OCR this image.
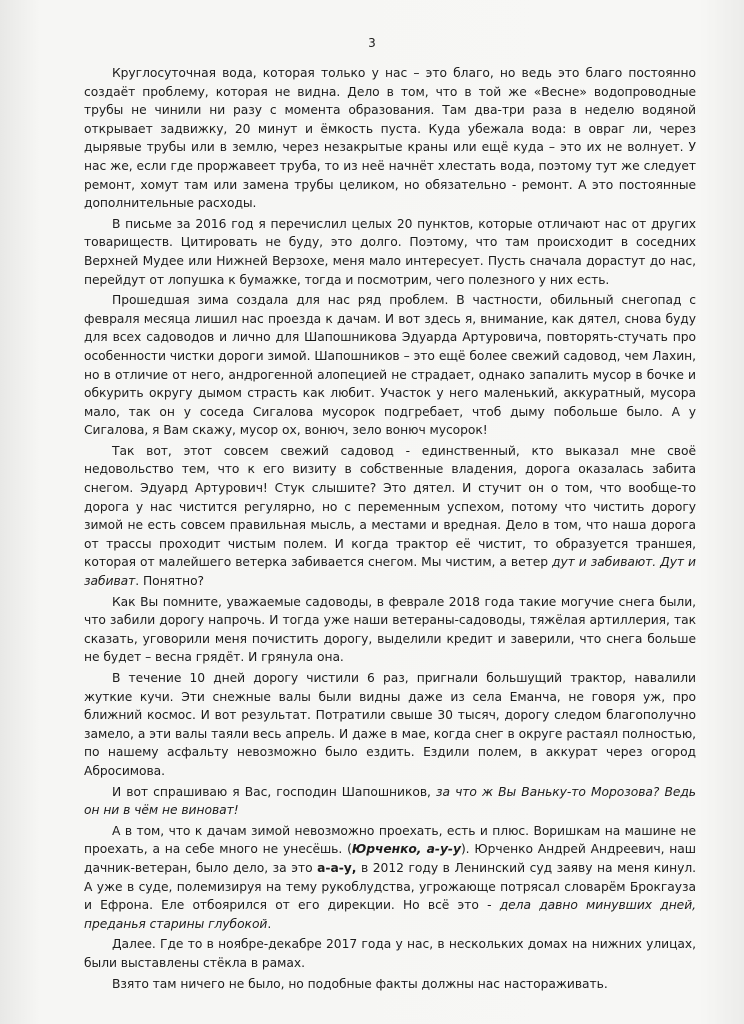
3

Круглосуточная вода, которая только у нас – это благо, но ведь это благо постоянно создаёт проблему, которая не видна. Дело в том, что в той же «Весне» водопроводные трубы не чинили ни разу с момента образования. Там два-три раза в неделю водяной открывает задвижку, 20 минут и ёмкость пуста. Куда убежала вода: в овраг ли, через дырявые трубы или в землю, через незакрытые краны или ещё куда – это их не волнует. У нас же, если где проржавеет труба, то из неё начнёт хлестать вода, поэтому тут же следует ремонт, хомут там или замена трубы целиком, но обязательно - ремонт. А это постоянные дополнительные расходы.

В письме за 2016 год я перечислил целых 20 пунктов, которые отличают нас от других товариществ. Цитировать не буду, это долго. Поэтому, что там происходит в соседних Верхней Мудее или Нижней Верзохе, меня мало интересует. Пусть сначала дорастут до нас, перейдут от лопушка к бумажке, тогда и посмотрим, чего полезного у них есть.

Прошедшая зима создала для нас ряд проблем. В частности, обильный снегопад с февраля месяца лишил нас проезда к дачам. И вот здесь я, внимание, как дятел, снова буду для всех садоводов и лично для Шапошникова Эдуарда Артуровича, повторять-стучать про особенности чистки дороги зимой. Шапошников – это ещё более свежий садовод, чем Лахин, но в отличие от него, андрогенной алопецией не страдает, однако запалить мусор в бочке и обкурить округу дымом страсть как любит. Участок у него маленький, аккуратный, мусора мало, так он у соседа Сигалова мусорок подгребает, чтоб дыму побольше было. А у Сигалова, я Вам скажу, мусор ох, вонюч, зело вонюч мусорок!

Так вот, этот совсем свежий садовод - единственный, кто выказал мне своё недовольство тем, что к его визиту в собственные владения, дорога оказалась забита снегом. Эдуард Артурович! Стук слышите? Это дятел. И стучит он о том, что вообще-то дорога у нас чистится регулярно, но с переменным успехом, потому что чистить дорогу зимой не есть совсем правильная мысль, а местами и вредная. Дело в том, что наша дорога от трассы проходит чистым полем. И когда трактор её чистит, то образуется траншея, которая от малейшего ветерка забивается снегом. Мы чистим, а ветер дут и забивают. Дут и забиват. Понятно?

Как Вы помните, уважаемые садоводы, в феврале 2018 года такие могучие снега были, что забили дорогу напрочь. И тогда уже наши ветераны-садоводы, тяжёлая артиллерия, так сказать, уговорили меня почистить дорогу, выделили кредит и заверили, что снега больше не будет – весна грядёт. И грянула она.

В течение 10 дней дорогу чистили 6 раз, пригнали большущий трактор, навалили жуткие кучи. Эти снежные валы были видны даже из села Еманча, не говоря уж, про ближний космос. И вот результат. Потратили свыше 30 тысяч, дорогу следом благополучно замело, а эти валы таяли весь апрель. И даже в мае, когда снег в округе растаял полностью, по нашему асфальту невозможно было ездить. Ездили полем, в аккурат через огород Абросимова.

И вот спрашиваю я Вас, господин Шапошников, за что ж Вы Ваньку-то Морозова? Ведь он ни в чём не виноват!

А в том, что к дачам зимой невозможно проехать, есть и плюс. Воришкам на машине не проехать, а на себе много не унесёшь. (Юрченко, а-у-у). Юрченко Андрей Андреевич, наш дачник-ветеран, было дело, за это а-а-у, в 2012 году в Ленинский суд заяву на меня кинул. А уже в суде, полемизируя на тему рукоблудства, угрожающе потрясал словарём Брокгауза и Ефрона. Еле отбоярился от его дирекции. Но всё это - дела давно минувших дней, преданья старины глубокой.

Далее. Где то в ноябре-декабре 2017 года у нас, в нескольких домах на нижних улицах, были выставлены стёкла в рамах.

Взято там ничего не было, но подобные факты должны нас настораживать.
